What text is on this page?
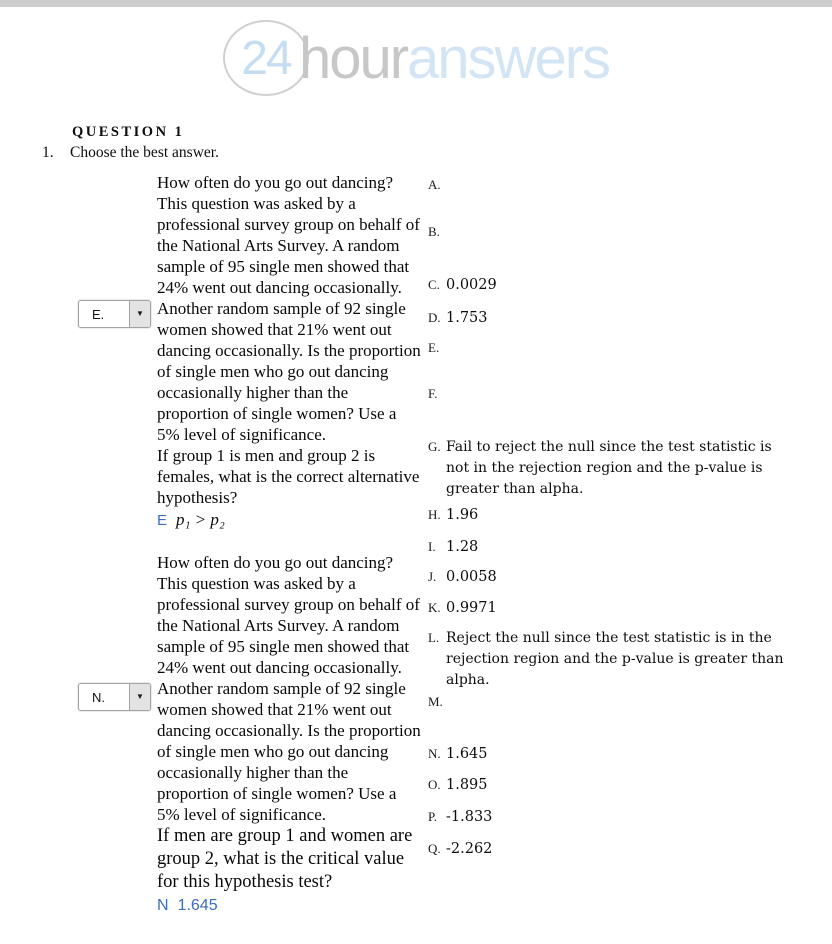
24 hour answers
QUESTION 1
1.	Choose the best answer.
E.	▼
N.	▼
How often do you go out dancing? This question was asked by a professional survey group on behalf of the National Arts Survey. A random sample of 95 single men showed that 24% went out dancing occasionally. Another random sample of 92 single women showed that 21% went out dancing occasionally. Is the proportion of single men who go out dancing occasionally higher than the proportion of single women? Use a 5% level of significance.
If group 1 is men and group 2 is females, what is the correct alternative hypothesis?
E p₁ > p₂
How often do you go out dancing? This question was asked by a professional survey group on behalf of the National Arts Survey. A random sample of 95 single men showed that 24% went out dancing occasionally. Another random sample of 92 single women showed that 21% went out dancing occasionally. Is the proportion of single men who go out dancing occasionally higher than the proportion of single women? Use a 5% level of significance.
If men are group 1 and women are group 2, what is the critical value for this hypothesis test?
N 1.645
A.
B.
C. 0.0029
D. 1.753
E.
F.
G. Fail to reject the null since the test statistic is not in the rejection region and the p-value is greater than alpha.
H. 1.96
I. 1.28
J. 0.0058
K. 0.9971
L. Reject the null since the test statistic is in the rejection region and the p-value is greater than alpha.
M.
N. 1.645
O. 1.895
P. -1.833
Q. -2.262
